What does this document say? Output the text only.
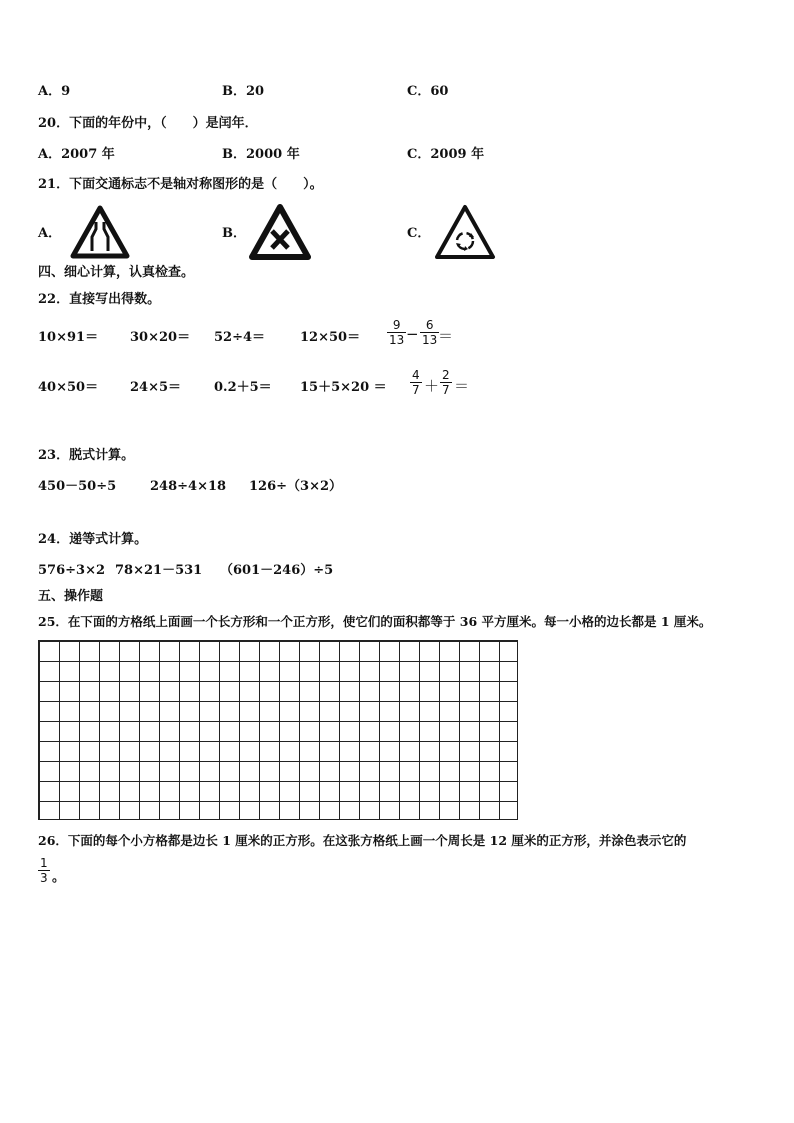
A．9	B．20	C．60
20．下面的年份中，（　　）是闰年．
A．2007 年	B．2000 年	C．2009 年
21．下面交通标志不是轴对称图形的是（　　）。
A．	B．	C．
四、细心计算，认真检查。
22．直接写出得数。
10×91＝ 30×20＝ 52÷4＝	12×50＝
9
13 − 6
13 ＝
40×50＝ 24×5＝	0.2＋5＝ 15＋5×20 ＝
4
7 ＋
2
7 ＝
23．脱式计算。
450－50÷5	248÷4×18 126÷（3×2）
24．递等式计算。
576÷3×2 78×21－531 （601－246）÷5
五、操作题
25．在下面的方格纸上面画一个长方形和一个正方形，使它们的面积都等于 36 平方厘米。每一小格的边长都是 1 厘米。
26．下面的每个小方格都是边长 1 厘米的正方形。在这张方格纸上画一个周长是 12 厘米的正方形，并涂色表示它的
1
3 。
